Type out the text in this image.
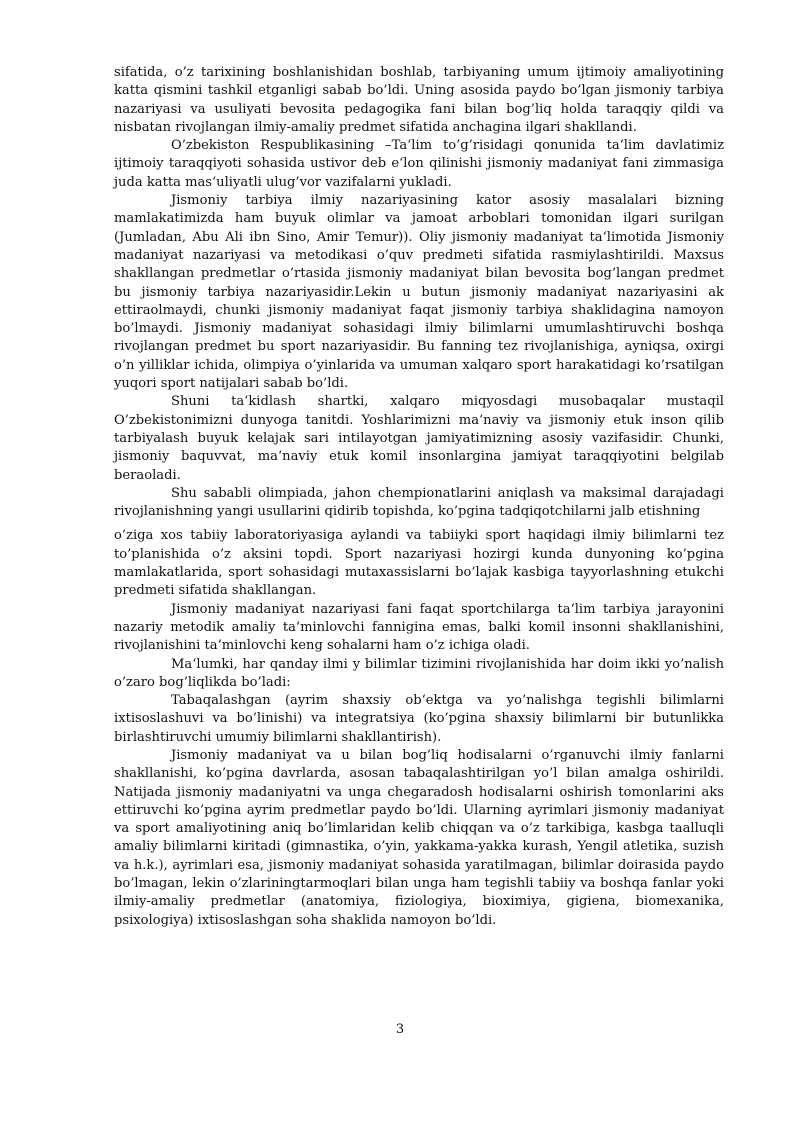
sifatida, o’z tarixining boshlanishidan boshlab, tarbiyaning umum ijtimoiy amaliyotining katta qismini tashkil etganligi sabab bo’ldi. Uning asosida paydo bo’lgan jismoniy tarbiya nazariyasi va usuliyati bevosita pedagogika fani bilan bog’liq holda taraqqiy qildi va nisbatan rivojlangan ilmiy-amaliy predmet sifatida anchagina ilgari shakllandi.

O’zbekiston Respublikasining –Ta‘lim to’g’risidagi qonunida ta‘lim davlatimiz ijtimoiy taraqqiyoti sohasida ustivor deb e‘lon qilinishi jismoniy madaniyat fani zimmasiga juda katta mas‘uliyatli ulug’vor vazifalarni yukladi.

Jismoniy tarbiya ilmiy nazariyasining kator asosiy masalalari bizning mamlakatimizda ham buyuk olimlar va jamoat arboblari tomonidan ilgari surilgan (Jumladan, Abu Ali ibn Sino, Amir Temur)). Oliy jismoniy madaniyat ta‘limotida Jismoniy madaniyat nazariyasi va metodikasi o’quv predmeti sifatida rasmiylashtirildi. Maxsus shakllangan predmetlar o’rtasida jismoniy madaniyat bilan bevosita bog’langan predmet bu jismoniy tarbiya nazariyasidir.Lekin u butun jismoniy madaniyat nazariyasini ak ettiraolmaydi, chunki jismoniy madaniyat faqat jismoniy tarbiya shaklidagina namoyon bo’lmaydi. Jismoniy madaniyat sohasidagi ilmiy bilimlarni umumlashtiruvchi boshqa rivojlangan predmet bu sport nazariyasidir. Bu fanning tez rivojlanishiga, ayniqsa, oxirgi o’n yilliklar ichida, olimpiya o’yinlarida va umuman xalqaro sport harakatidagi ko’rsatilgan yuqori sport natijalari sabab bo’ldi.

Shuni ta‘kidlash shartki, xalqaro miqyosdagi musobaqalar mustaqil O’zbekistonimizni dunyoga tanitdi. Yoshlarimizni ma‘naviy va jismoniy etuk inson qilib tarbiyalash buyuk kelajak sari intilayotgan jamiyatimizning asosiy vazifasidir. Chunki, jismoniy baquvvat, ma‘naviy etuk komil insonlargina jamiyat taraqqiyotini belgilab beraoladi.

Shu sababli olimpiada, jahon chempionatlarini aniqlash va maksimal darajadagi rivojlanishning yangi usullarini qidirib topishda, ko’pgina tadqiqotchilarni jalb etishning

o’ziga xos tabiiy laboratoriyasiga aylandi va tabiiyki sport haqidagi ilmiy bilimlarni tez to’planishida o’z aksini topdi. Sport nazariyasi hozirgi kunda dunyoning ko’pgina mamlakatlarida, sport sohasidagi mutaxassislarni bo’lajak kasbiga tayyorlashning etukchi predmeti sifatida shakllangan.

Jismoniy madaniyat nazariyasi fani faqat sportchilarga ta‘lim tarbiya jarayonini nazariy metodik amaliy ta‘minlovchi fannigina emas, balki komil insonni shakllanishini, rivojlanishini ta‘minlovchi keng sohalarni ham o’z ichiga oladi.

Ma‘lumki, har qanday ilmi y bilimlar tizimini rivojlanishida har doim ikki yo’nalish o’zaro bog’liqlikda bo’ladi:

Tabaqalashgan (ayrim shaxsiy ob‘ektga va yo’nalishga tegishli bilimlarni ixtisoslashuvi va bo’linishi) va integratsiya (ko’pgina shaxsiy bilimlarni bir butunlikka birlashtiruvchi umumiy bilimlarni shakllantirish).

Jismoniy madaniyat va u bilan bog’liq hodisalarni o’rganuvchi ilmiy fanlarni shakllanishi, ko’pgina davrlarda, asosan tabaqalashtirilgan yo’l bilan amalga oshirildi. Natijada jismoniy madaniyatni va unga chegaradosh hodisalarni oshirish tomonlarini aks ettiruvchi ko’pgina ayrim predmetlar paydo bo’ldi. Ularning ayrimlari jismoniy madaniyat va sport amaliyotining aniq bo’limlaridan kelib chiqqan va o’z tarkibiga, kasbga taalluqli amaliy bilimlarni kiritadi (gimnastika, o’yin, yakkama-yakka kurash, Yengil atletika, suzish va h.k.), ayrimlari esa, jismoniy madaniyat sohasida yaratilmagan, bilimlar doirasida paydo bo’lmagan, lekin o’zlariningtarmoqlari bilan unga ham tegishli tabiiy va boshqa fanlar yoki ilmiy-amaliy predmetlar (anatomiya, fiziologiya, bioximiya, gigiena, biomexanika, psixologiya) ixtisoslashgan soha shaklida namoyon bo’ldi.

3
